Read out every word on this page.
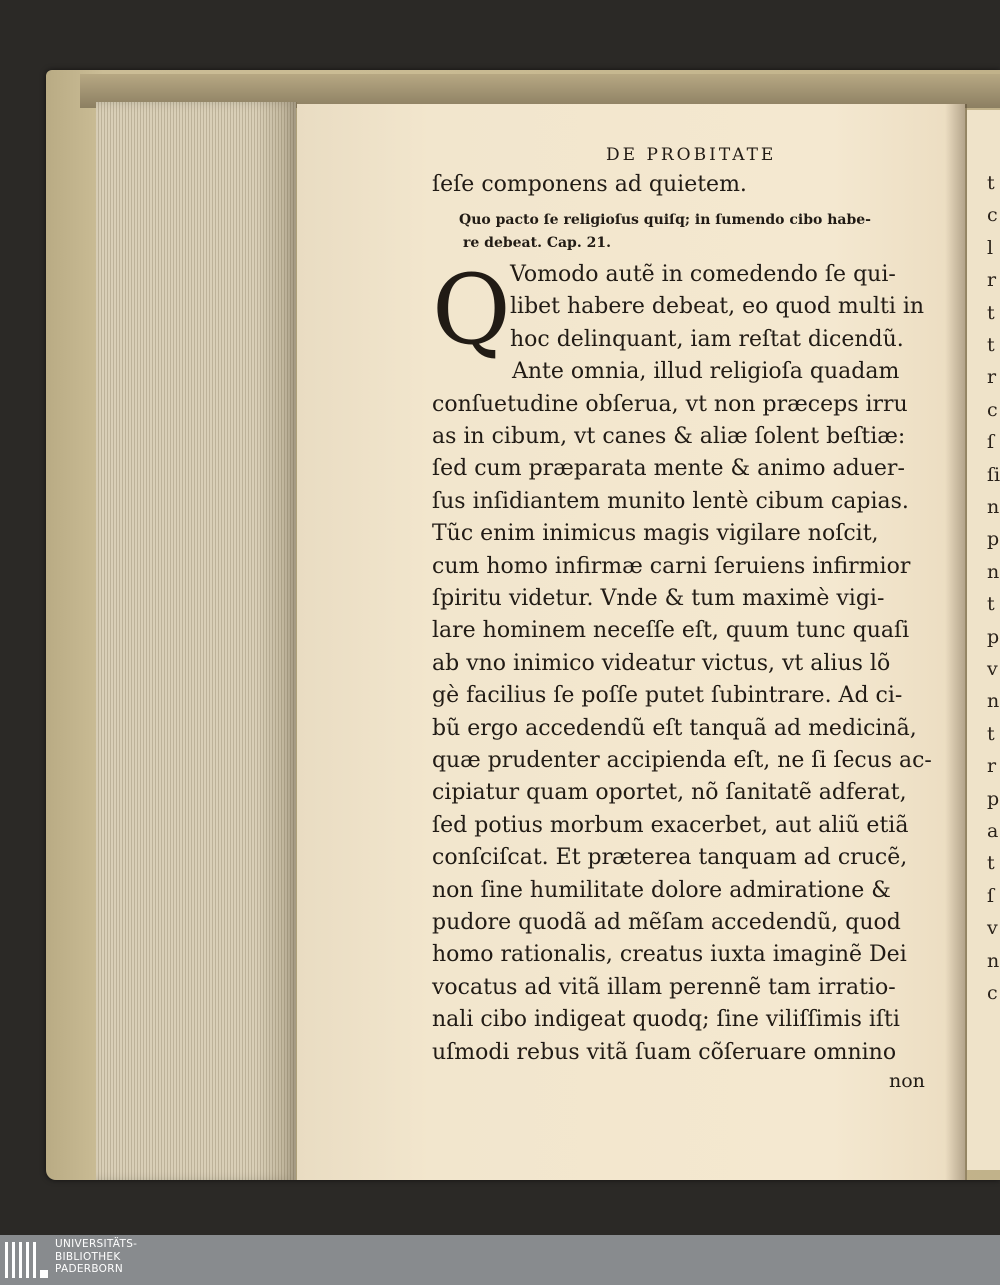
t
c
l
r
t
t
r
c
ſ
ſi
n
p
n
t
p
v
n
t
r
p
a
t
ſ
v
n
c

DE PROBITATE

ſeſe componens ad quietem.

Quo pacto ſe religioſus quiſq; in ſumendo cibo habe-

re debeat. Cap. 21.

Q Vomodo autẽ in comedendo ſe qui-

libet habere debeat, eo quod multi in

hoc delinquant, iam reſtat dicendũ.

Ante omnia, illud religioſa quadam

conſuetudine obſerua, vt non præceps irru

as in cibum, vt canes & aliæ ſolent beſtiæ:

ſed cum præparata mente & animo aduer-

ſus inſidiantem munito lentè cibum capias.

Tũc enim inimicus magis vigilare noſcit,

cum homo infirmæ carni ſeruiens infirmior

ſpiritu videtur. Vnde & tum maximè vigi-

lare hominem neceſſe eſt, quum tunc quaſi

ab vno inimico videatur victus, vt alius lõ

gè facilius ſe poſſe putet ſubintrare. Ad ci-

bũ ergo accedendũ eſt tanquã ad medicinã,

quæ prudenter accipienda eſt, ne ſi ſecus ac-

cipiatur quam oportet, nõ ſanitatẽ adferat,

ſed potius morbum exacerbet, aut aliũ etiã

conſciſcat. Et præterea tanquam ad crucẽ,

non ſine humilitate dolore admiratione &

pudore quodã ad mẽſam accedendũ, quod

homo rationalis, creatus iuxta imaginẽ Dei

vocatus ad vitã illam perennẽ tam irratio-

nali cibo indigeat quodq; ſine viliſſimis iſti

uſmodi rebus vitã ſuam cõſeruare omnino

non

UNIVERSITÄTS-
BIBLIOTHEK
PADERBORN
